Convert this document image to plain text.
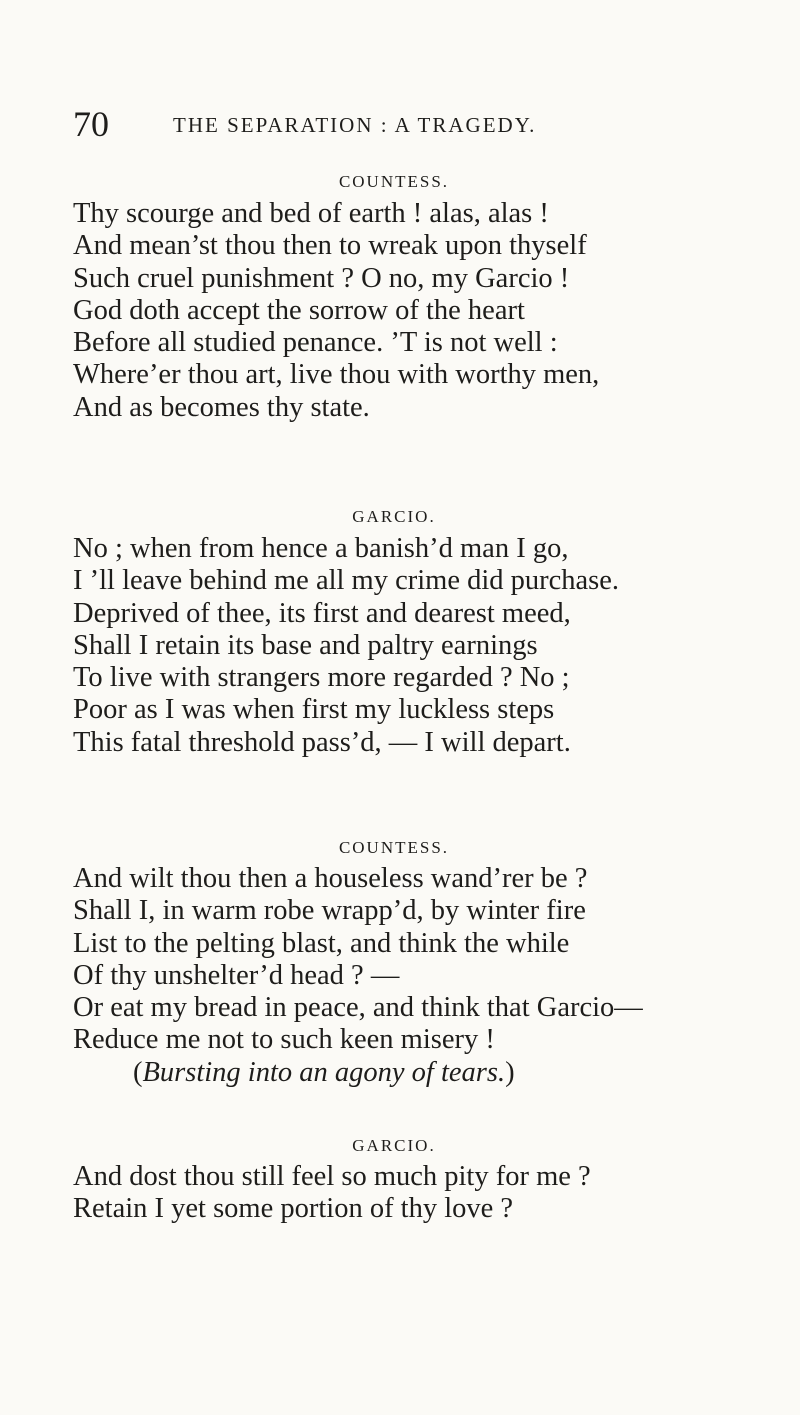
70	THE SEPARATION : A TRAGEDY.
COUNTESS.
Thy scourge and bed of earth ! alas, alas !
And mean’st thou then to wreak upon thyself
Such cruel punishment ? O no, my Garcio !
God doth accept the sorrow of the heart
Before all studied penance. ’T is not well :
Where’er thou art, live thou with worthy men,
And as becomes thy state.
GARCIO.
No ; when from hence a banish’d man I go,
I ’ll leave behind me all my crime did purchase.
Deprived of thee, its first and dearest meed,
Shall I retain its base and paltry earnings
To live with strangers more regarded ? No ;
Poor as I was when first my luckless steps
This fatal threshold pass’d, — I will depart.
COUNTESS.
And wilt thou then a houseless wand’rer be ?
Shall I, in warm robe wrapp’d, by winter fire
List to the pelting blast, and think the while
Of thy unshelter’d head ? —
Or eat my bread in peace, and think that Garcio—
Reduce me not to such keen misery !
(Bursting into an agony of tears.)
GARCIO.
And dost thou still feel so much pity for me ?
Retain I yet some portion of thy love ?
